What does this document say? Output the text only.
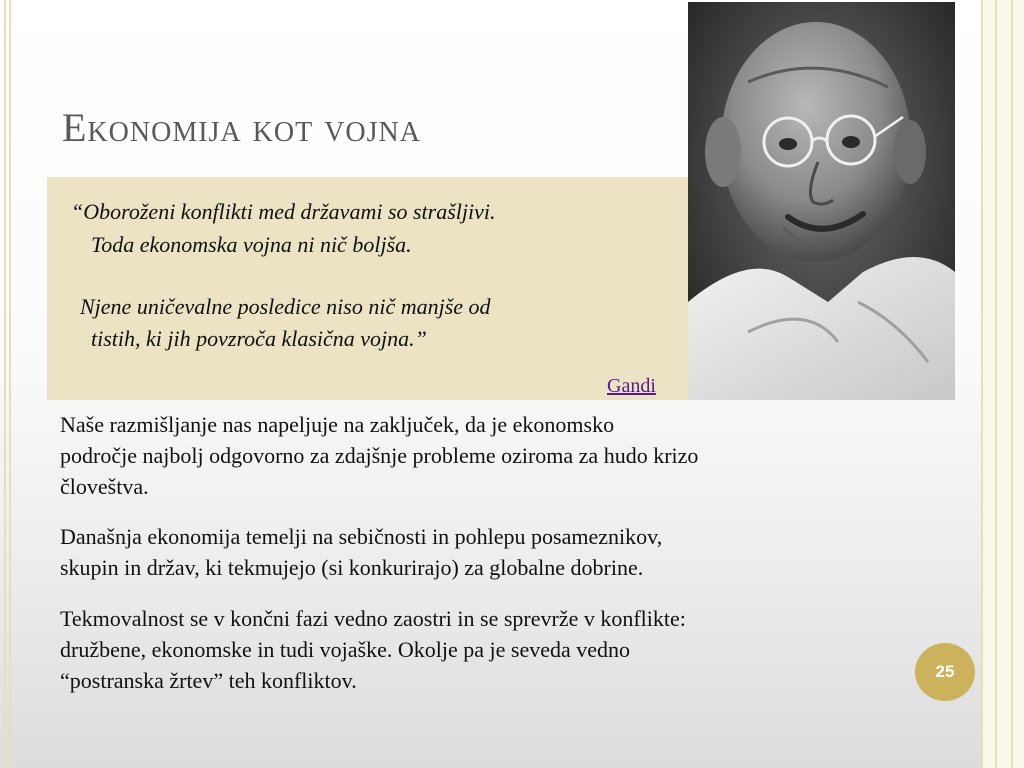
Ekonomija kot vojna

“Oboroženi konflikti med državami so strašljivi.

Toda ekonomska vojna ni nič boljša.

Njene uničevalne posledice niso nič manjše od

tistih, ki jih povzroča klasična vojna.”

Gandi

Naše razmišljanje nas napeljuje na zaključek, da je ekonomsko
področje najbolj odgovorno za zdajšnje probleme oziroma za hudo krizo
človeštva.

Današnja ekonomija temelji na sebičnosti in pohlepu posameznikov,
skupin in držav, ki tekmujejo (si konkurirajo) za globalne dobrine.

Tekmovalnost se v končni fazi vedno zaostri in se sprevrže v konflikte:
družbene, ekonomske in tudi vojaške. Okolje pa je seveda vedno
“postranska žrtev” teh konfliktov.	25
